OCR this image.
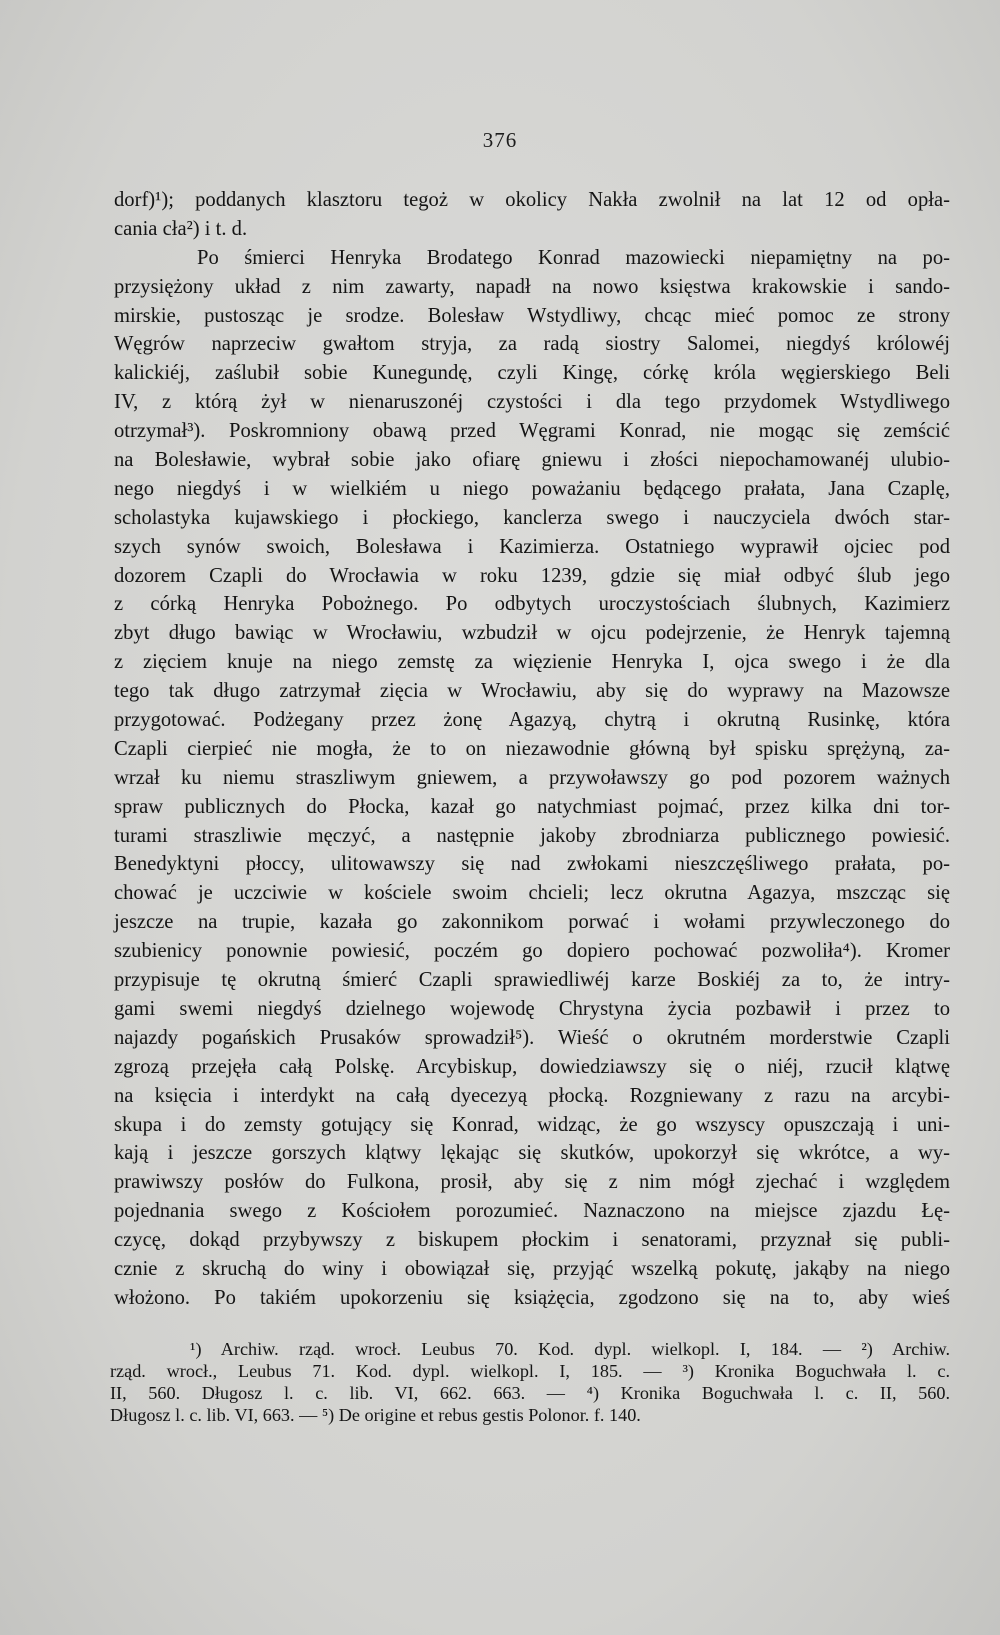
376
dorf)¹); poddanych klasztoru tegoż w okolicy Nakła zwolnił na lat 12 od opła-
cania cła²) i t. d.
Po śmierci Henryka Brodatego Konrad mazowiecki niepamiętny na po-
przysiężony układ z nim zawarty, napadł na nowo księstwa krakowskie i sando-
mirskie, pustosząc je srodze. Bolesław Wstydliwy, chcąc mieć pomoc ze strony
Węgrów naprzeciw gwałtom stryja, za radą siostry Salomei, niegdyś królowéj
kalickiéj, zaślubił sobie Kunegundę, czyli Kingę, córkę króla węgierskiego Beli
IV, z którą żył w nienaruszonéj czystości i dla tego przydomek Wstydliwego
otrzymał³). Poskromniony obawą przed Węgrami Konrad, nie mogąc się zemścić
na Bolesławie, wybrał sobie jako ofiarę gniewu i złości niepochamowanéj ulubio-
nego niegdyś i w wielkiém u niego poważaniu będącego prałata, Jana Czaplę,
scholastyka kujawskiego i płockiego, kanclerza swego i nauczyciela dwóch star-
szych synów swoich, Bolesława i Kazimierza. Ostatniego wyprawił ojciec pod
dozorem Czapli do Wrocławia w roku 1239, gdzie się miał odbyć ślub jego
z córką Henryka Pobożnego. Po odbytych uroczystościach ślubnych, Kazimierz
zbyt długo bawiąc w Wrocławiu, wzbudził w ojcu podejrzenie, że Henryk tajemną
z zięciem knuje na niego zemstę za więzienie Henryka I, ojca swego i że dla
tego tak długo zatrzymał zięcia w Wrocławiu, aby się do wyprawy na Mazowsze
przygotować. Podżegany przez żonę Agazyą, chytrą i okrutną Rusinkę, która
Czapli cierpieć nie mogła, że to on niezawodnie główną był spisku sprężyną, za-
wrzał ku niemu straszliwym gniewem, a przywoławszy go pod pozorem ważnych
spraw publicznych do Płocka, kazał go natychmiast pojmać, przez kilka dni tor-
turami straszliwie męczyć, a następnie jakoby zbrodniarza publicznego powiesić.
Benedyktyni płoccy, ulitowawszy się nad zwłokami nieszczęśliwego prałata, po-
chować je uczciwie w kościele swoim chcieli; lecz okrutna Agazya, mszcząc się
jeszcze na trupie, kazała go zakonnikom porwać i wołami przywleczonego do
szubienicy ponownie powiesić, poczém go dopiero pochować pozwoliła⁴). Kromer
przypisuje tę okrutną śmierć Czapli sprawiedliwéj karze Boskiéj za to, że intry-
gami swemi niegdyś dzielnego wojewodę Chrystyna życia pozbawił i przez to
najazdy pogańskich Prusaków sprowadził⁵). Wieść o okrutném morderstwie Czapli
zgrozą przejęła całą Polskę. Arcybiskup, dowiedziawszy się o niéj, rzucił klątwę
na księcia i interdykt na całą dyecezyą płocką. Rozgniewany z razu na arcybi-
skupa i do zemsty gotujący się Konrad, widząc, że go wszyscy opuszczają i uni-
kają i jeszcze gorszych klątwy lękając się skutków, upokorzył się wkrótce, a wy-
prawiwszy posłów do Fulkona, prosił, aby się z nim mógł zjechać i względem
pojednania swego z Kościołem porozumieć. Naznaczono na miejsce zjazdu Łę-
czycę, dokąd przybywszy z biskupem płockim i senatorami, przyznał się publi-
cznie z skruchą do winy i obowiązał się, przyjąć wszelką pokutę, jakąby na niego
włożono. Po takiém upokorzeniu się książęcia, zgodzono się na to, aby wieś
¹) Archiw. rząd. wrocł. Leubus 70. Kod. dypl. wielkopl. I, 184. — ²) Archiw.
rząd. wrocł., Leubus 71. Kod. dypl. wielkopl. I, 185. — ³) Kronika Boguchwała l. c.
II, 560. Długosz l. c. lib. VI, 662. 663. — ⁴) Kronika Boguchwała l. c. II, 560.
Długosz l. c. lib. VI, 663. — ⁵) De origine et rebus gestis Polonor. f. 140.
